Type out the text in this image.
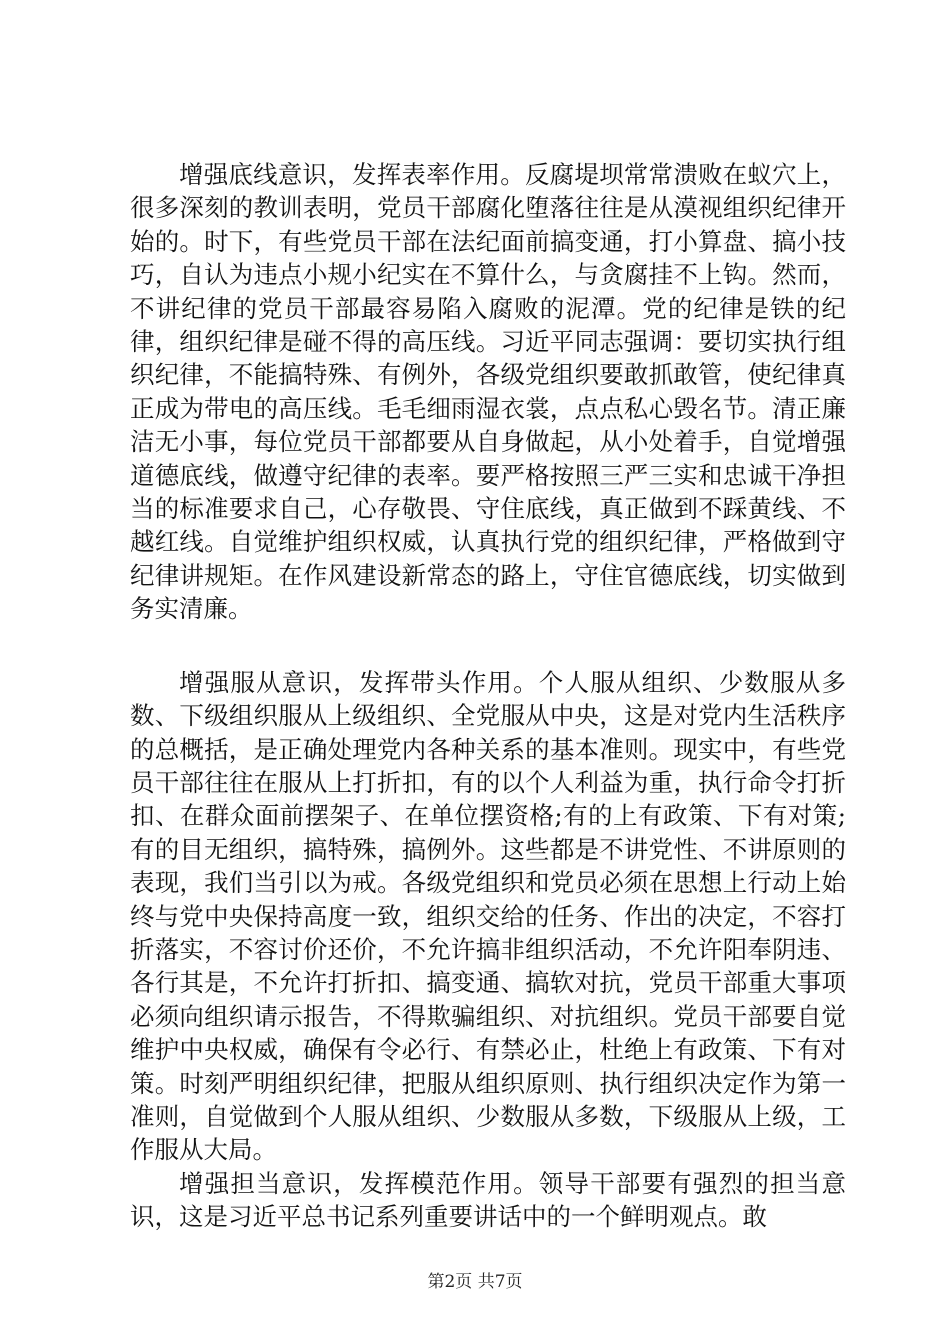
增强底线意识，发挥表率作用。反腐堤坝常常溃败在蚁穴上，很多深刻的教训表明，党员干部腐化堕落往往是从漠视组织纪律开始的。时下，有些党员干部在法纪面前搞变通，打小算盘、搞小技巧，自认为违点小规小纪实在不算什么，与贪腐挂不上钩。然而，不讲纪律的党员干部最容易陷入腐败的泥潭。党的纪律是铁的纪律，组织纪律是碰不得的高压线。习近平同志强调：要切实执行组织纪律，不能搞特殊、有例外，各级党组织要敢抓敢管，使纪律真正成为带电的高压线。毛毛细雨湿衣裳，点点私心毁名节。清正廉洁无小事，每位党员干部都要从自身做起，从小处着手，自觉增强道德底线，做遵守纪律的表率。要严格按照三严三实和忠诚干净担当的标准要求自己，心存敬畏、守住底线，真正做到不踩黄线、不越红线。自觉维护组织权威，认真执行党的组织纪律，严格做到守纪律讲规矩。在作风建设新常态的路上，守住官德底线，切实做到务实清廉。

增强服从意识，发挥带头作用。个人服从组织、少数服从多数、下级组织服从上级组织、全党服从中央，这是对党内生活秩序的总概括，是正确处理党内各种关系的基本准则。现实中，有些党员干部往往在服从上打折扣，有的以个人利益为重，执行命令打折扣、在群众面前摆架子、在单位摆资格;有的上有政策、下有对策;有的目无组织，搞特殊，搞例外。这些都是不讲党性、不讲原则的表现，我们当引以为戒。各级党组织和党员必须在思想上行动上始终与党中央保持高度一致，组织交给的任务、作出的决定，不容打折落实，不容讨价还价，不允许搞非组织活动，不允许阳奉阴违、各行其是，不允许打折扣、搞变通、搞软对抗，党员干部重大事项必须向组织请示报告，不得欺骗组织、对抗组织。党员干部要自觉维护中央权威，确保有令必行、有禁必止，杜绝上有政策、下有对策。时刻严明组织纪律，把服从组织原则、执行组织决定作为第一准则，自觉做到个人服从组织、少数服从多数，下级服从上级，工作服从大局。

增强担当意识，发挥模范作用。领导干部要有强烈的担当意识，这是习近平总书记系列重要讲话中的一个鲜明观点。敢

第2页 共7页
